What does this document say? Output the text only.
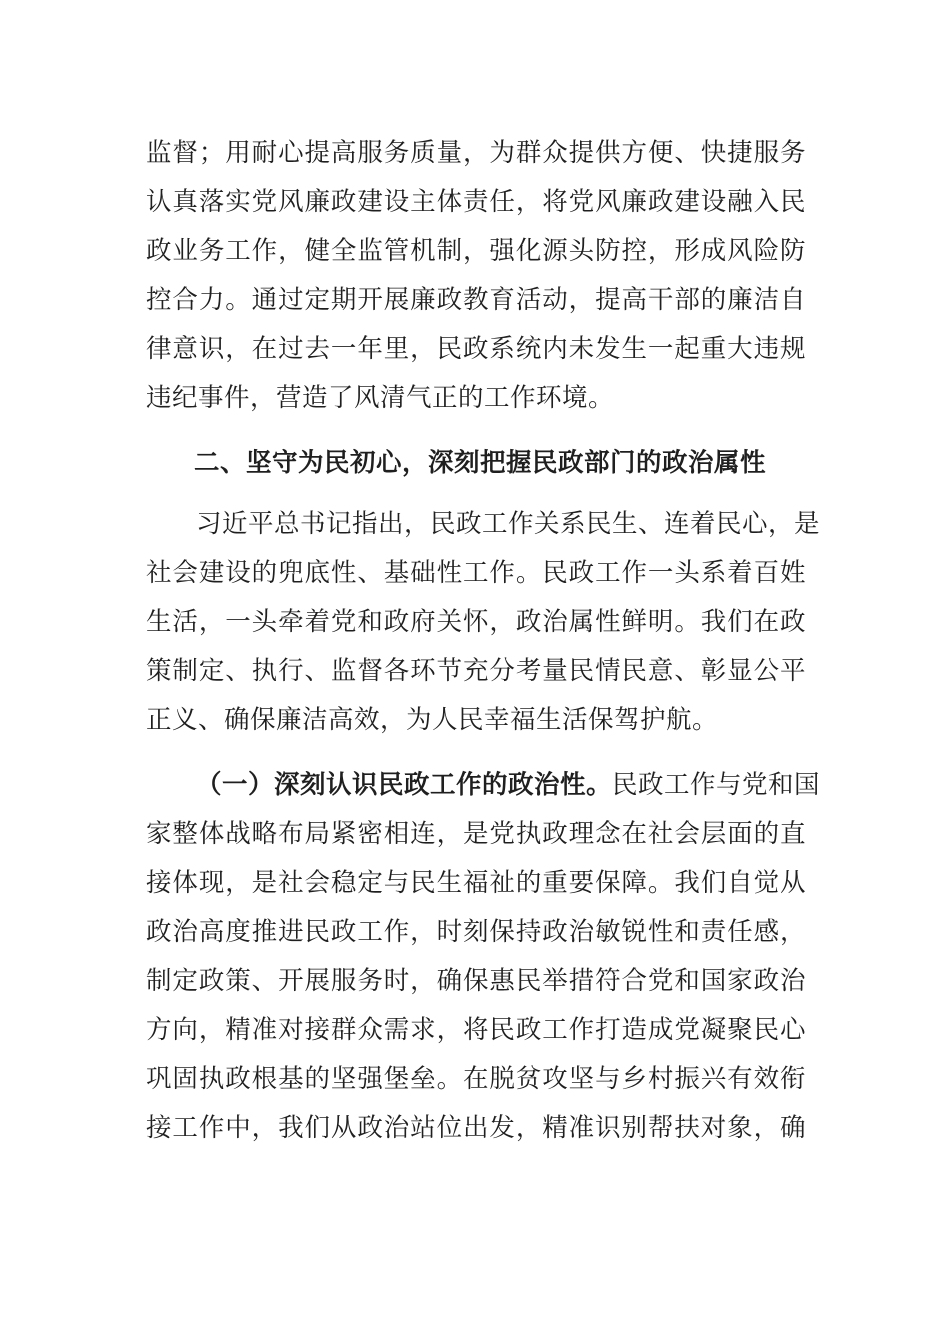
监督；用耐心提高服务质量，为群众提供方便、快捷服务
认真落实党风廉政建设主体责任，将党风廉政建设融入民
政业务工作，健全监管机制，强化源头防控，形成风险防
控合力。通过定期开展廉政教育活动，提高干部的廉洁自
律意识，在过去一年里，民政系统内未发生一起重大违规
违纪事件，营造了风清气正的工作环境。
二、坚守为民初心，深刻把握民政部门的政治属性
习近平总书记指出，民政工作关系民生、连着民心，是
社会建设的兜底性、基础性工作。民政工作一头系着百姓
生活，一头牵着党和政府关怀，政治属性鲜明。我们在政
策制定、执行、监督各环节充分考量民情民意、彰显公平
正义、确保廉洁高效，为人民幸福生活保驾护航。
（一）深刻认识民政工作的政治性。民政工作与党和国
家整体战略布局紧密相连，是党执政理念在社会层面的直
接体现，是社会稳定与民生福祉的重要保障。我们自觉从
政治高度推进民政工作，时刻保持政治敏锐性和责任感，
制定政策、开展服务时，确保惠民举措符合党和国家政治
方向，精准对接群众需求，将民政工作打造成党凝聚民心
巩固执政根基的坚强堡垒。在脱贫攻坚与乡村振兴有效衔
接工作中，我们从政治站位出发，精准识别帮扶对象，确
